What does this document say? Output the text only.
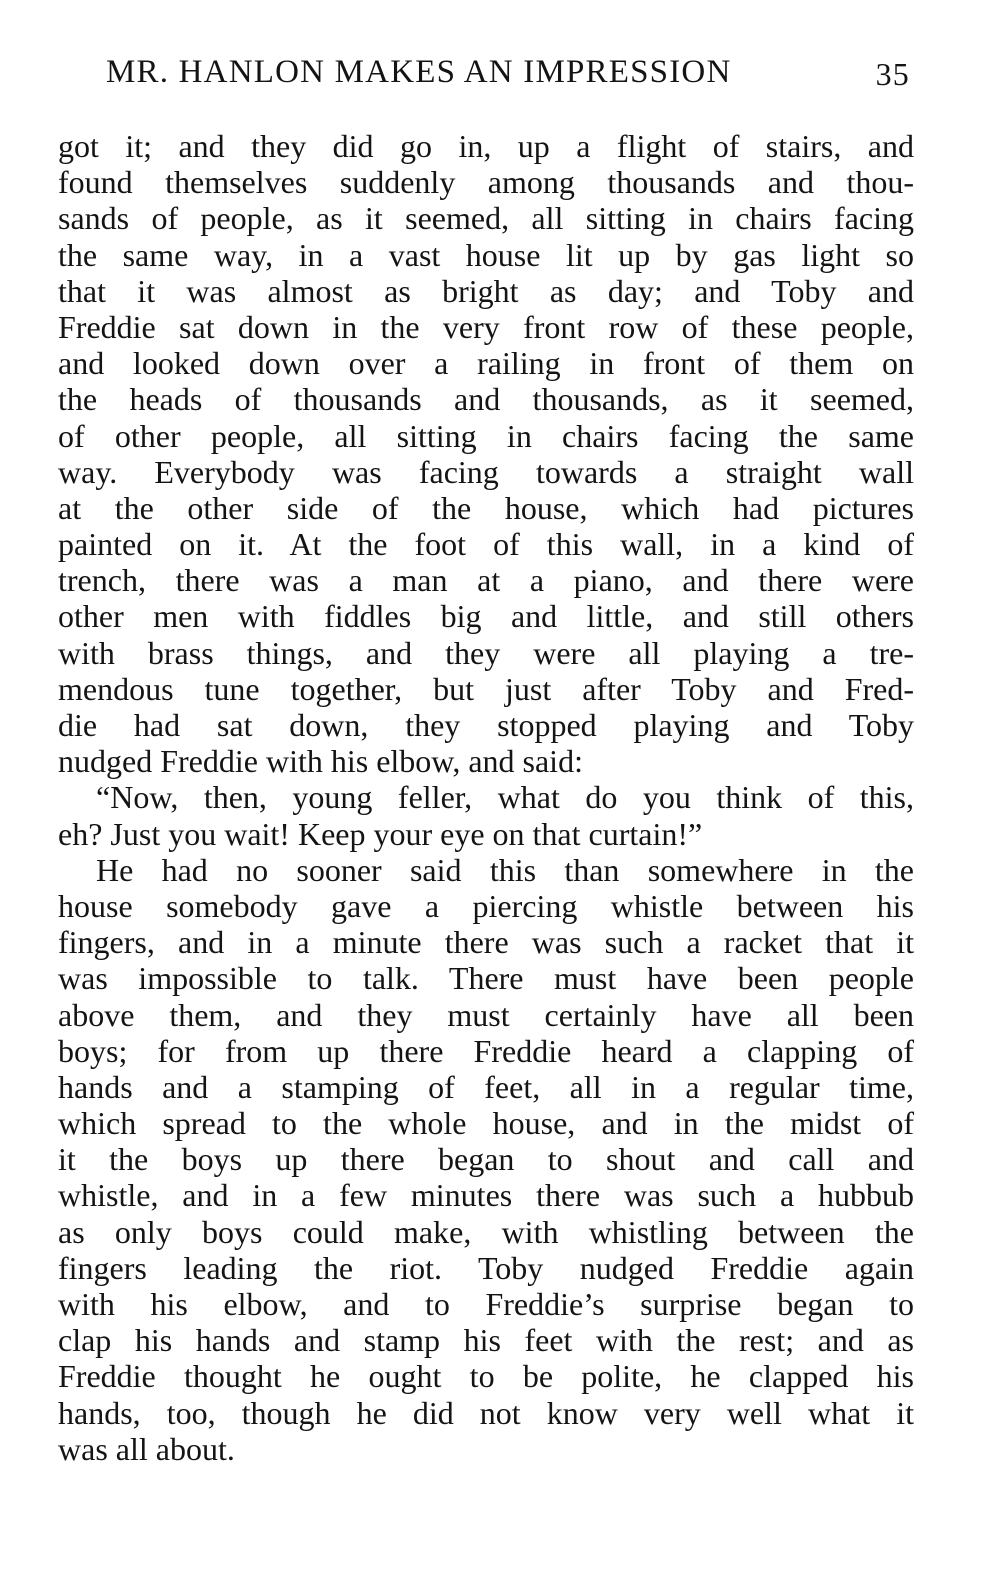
MR. HANLON MAKES AN IMPRESSION	35
got it; and they did go in, up a flight of stairs, and
found themselves suddenly among thousands and thou-
sands of people, as it seemed, all sitting in chairs facing
the same way, in a vast house lit up by gas light so
that it was almost as bright as day; and Toby and
Freddie sat down in the very front row of these people,
and looked down over a railing in front of them on
the heads of thousands and thousands, as it seemed,
of other people, all sitting in chairs facing the same
way. Everybody was facing towards a straight wall
at the other side of the house, which had pictures
painted on it. At the foot of this wall, in a kind of
trench, there was a man at a piano, and there were
other men with fiddles big and little, and still others
with brass things, and they were all playing a tre-
mendous tune together, but just after Toby and Fred-
die had sat down, they stopped playing and Toby
nudged Freddie with his elbow, and said:
“Now, then, young feller, what do you think of this,
eh? Just you wait! Keep your eye on that curtain!”
He had no sooner said this than somewhere in the
house somebody gave a piercing whistle between his
fingers, and in a minute there was such a racket that it
was impossible to talk. There must have been people
above them, and they must certainly have all been
boys; for from up there Freddie heard a clapping of
hands and a stamping of feet, all in a regular time,
which spread to the whole house, and in the midst of
it the boys up there began to shout and call and
whistle, and in a few minutes there was such a hubbub
as only boys could make, with whistling between the
fingers leading the riot. Toby nudged Freddie again
with his elbow, and to Freddie’s surprise began to
clap his hands and stamp his feet with the rest; and as
Freddie thought he ought to be polite, he clapped his
hands, too, though he did not know very well what it
was all about.
